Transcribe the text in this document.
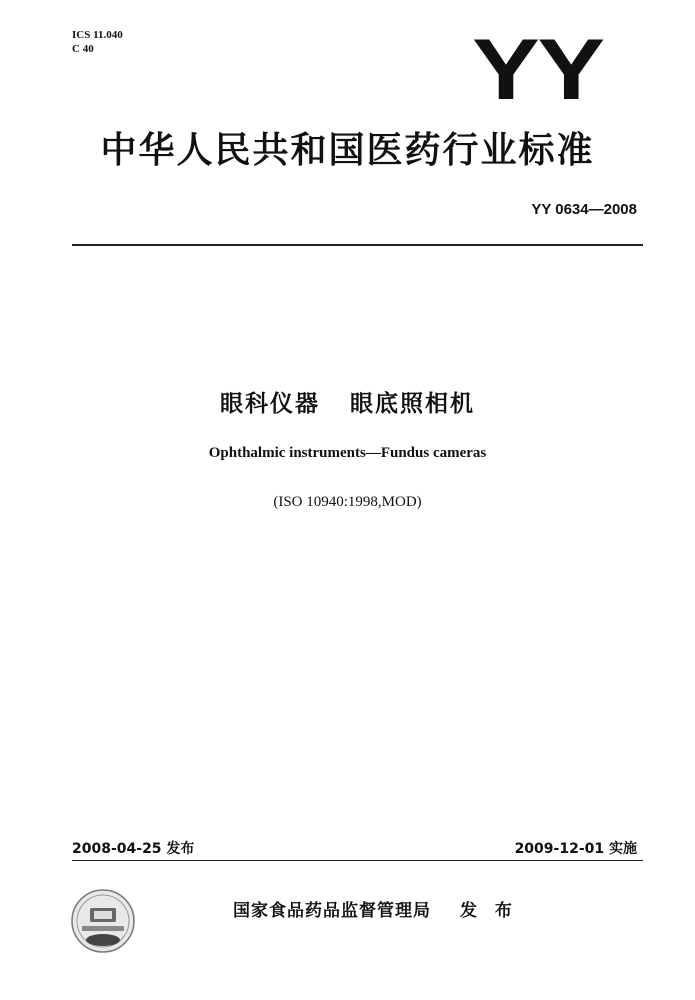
ICS 11.040
C 40	YY
中华人民共和国医药行业标准
YY 0634—2008
眼科仪器   眼底照相机
Ophthalmic instruments—Fundus cameras
(ISO 10940:1998,MOD)
2008-04-25 发布	2009-12-01 实施
国家食品药品监督管理局 发 布
